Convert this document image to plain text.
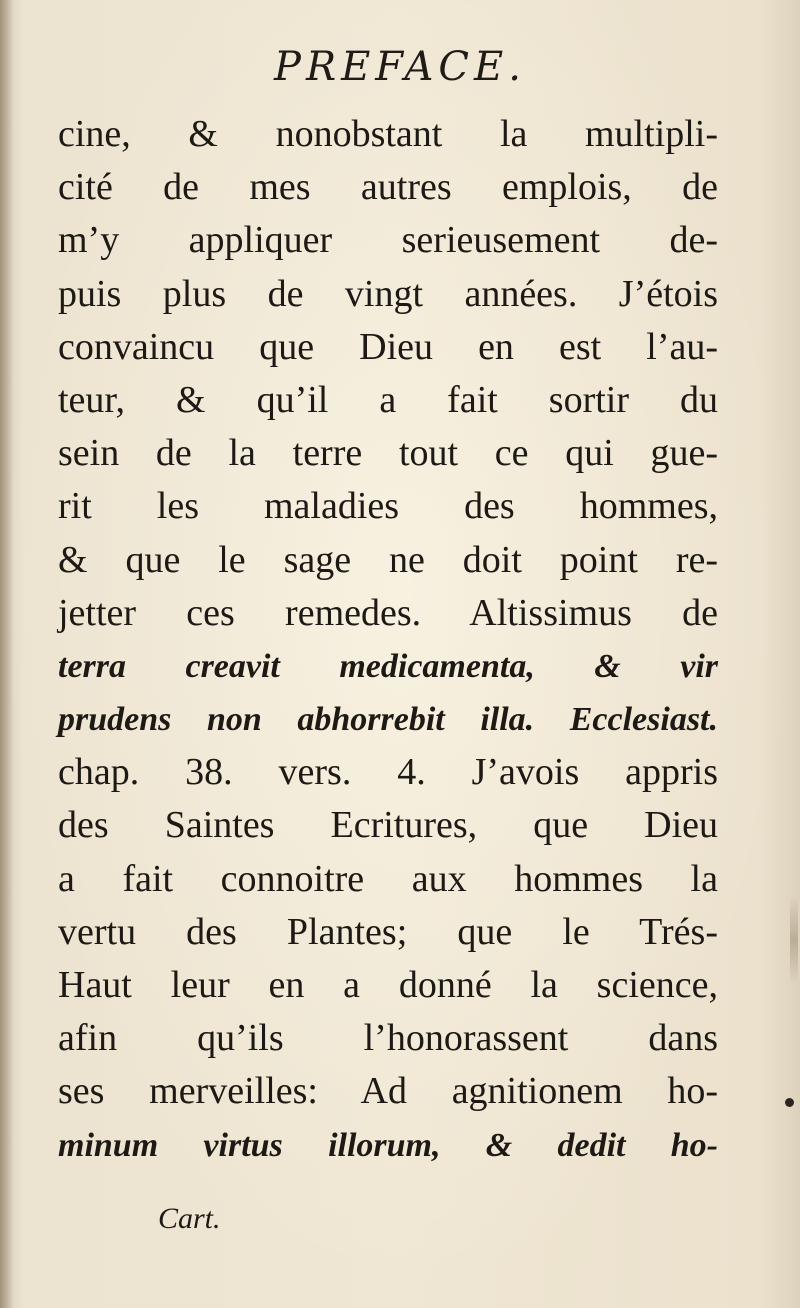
PREFACE.
cine, & nonobstant la multipli-
cité de mes autres emplois, de
m’y appliquer serieusement de-
puis plus de vingt années. J’étois
convaincu que Dieu en est l’au-
teur, & qu’il a fait sortir du
sein de la terre tout ce qui gue-
rit les maladies des hommes,
& que le sage ne doit point re-
jetter ces remedes. Altissimus de
terra creavit medicamenta, & vir
prudens non abhorrebit illa. Ecclesiast.
chap. 38. vers. 4. J’avois appris
des Saintes Ecritures, que Dieu
a fait connoitre aux hommes la
vertu des Plantes; que le Trés-
Haut leur en a donné la science,
afin qu’ils l’honorassent dans
ses merveilles: Ad agnitionem ho-
minum virtus illorum, & dedit ho-
Cart.
